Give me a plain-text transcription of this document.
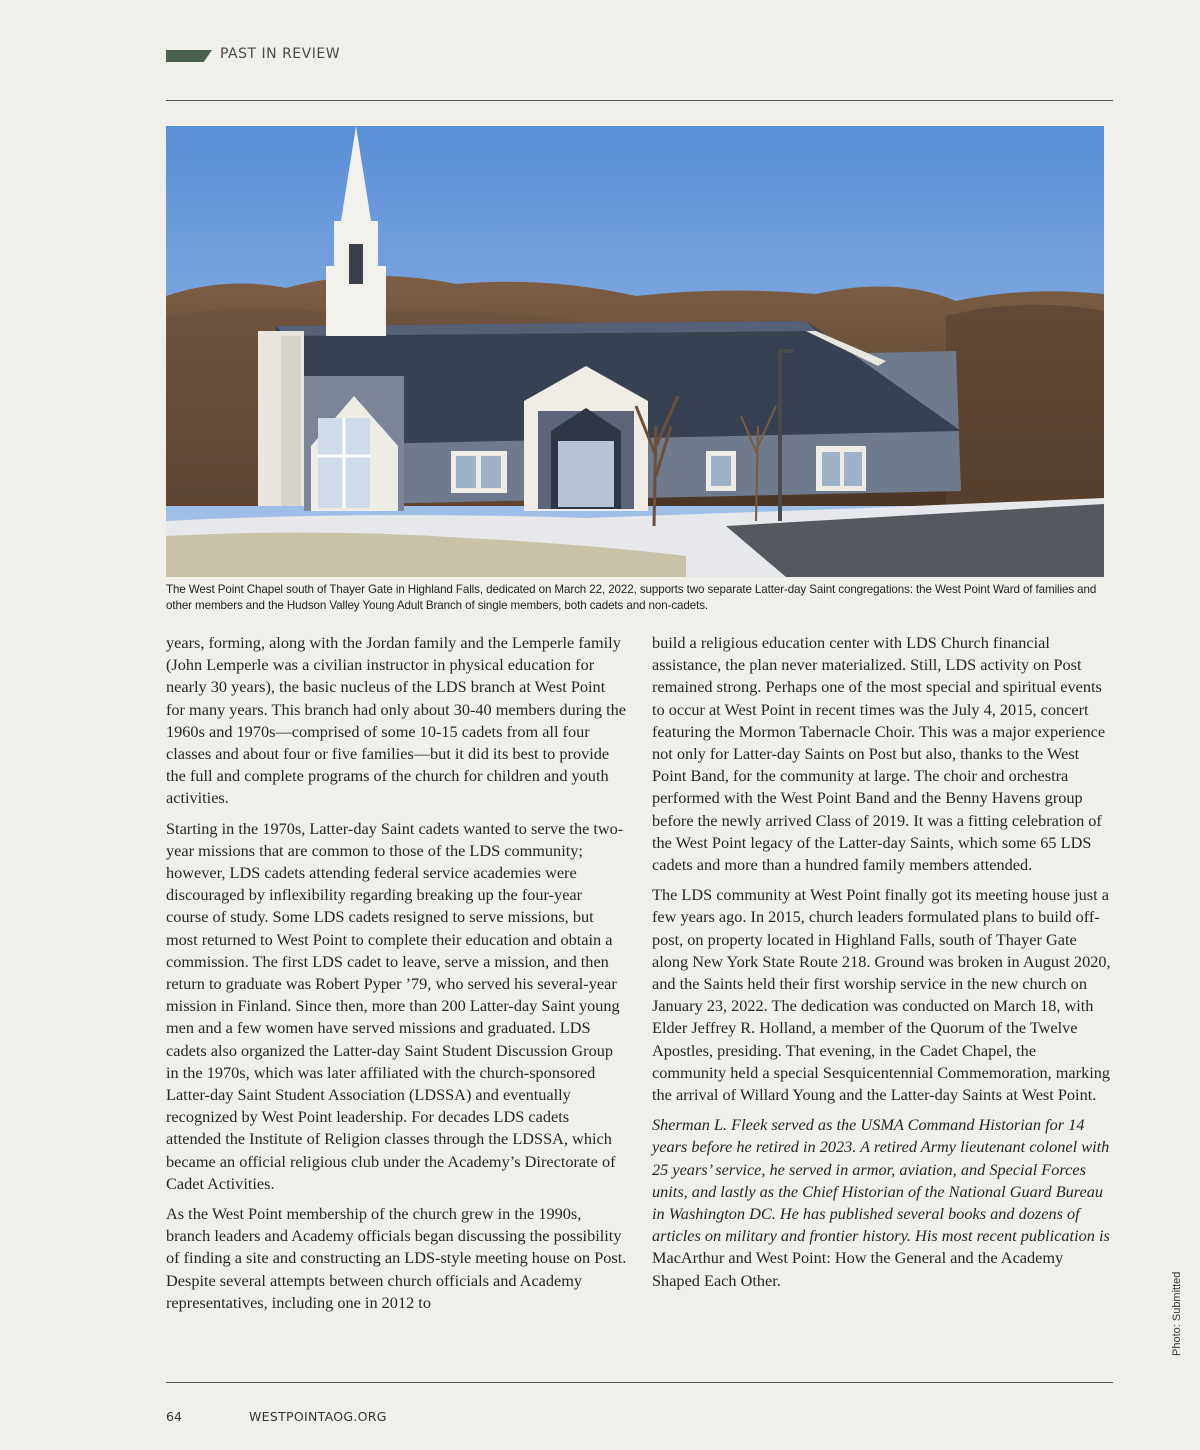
PAST IN REVIEW
The West Point Chapel south of Thayer Gate in Highland Falls, dedicated on March 22, 2022, supports two separate Latter-day Saint congregations: the West Point Ward of families and other members and the Hudson Valley Young Adult Branch of single members, both cadets and non-cadets.

years, forming, along with the Jordan family and the Lemperle family (John Lemperle was a civilian instructor in physical education for nearly 30 years), the basic nucleus of the LDS branch at West Point for many years. This branch had only about 30-40 members during the 1960s and 1970s—comprised of some 10-15 cadets from all four classes and about four or five families—but it did its best to provide the full and complete programs of the church for children and youth activities.

Starting in the 1970s, Latter-day Saint cadets wanted to serve the two-year missions that are common to those of the LDS community; however, LDS cadets attending federal service academies were discouraged by inflexibility regarding breaking up the four-year course of study. Some LDS cadets resigned to serve missions, but most returned to West Point to complete their education and obtain a commission. The first LDS cadet to leave, serve a mission, and then return to graduate was Robert Pyper ’79, who served his several-year mission in Finland. Since then, more than 200 Latter-day Saint young men and a few women have served missions and graduated. LDS cadets also organized the Latter-day Saint Student Discussion Group in the 1970s, which was later affiliated with the church-sponsored Latter-day Saint Student Association (LDSSA) and eventually recognized by West Point leadership. For decades LDS cadets attended the Institute of Religion classes through the LDSSA, which became an official religious club under the Academy’s Directorate of Cadet Activities.

As the West Point membership of the church grew in the 1990s, branch leaders and Academy officials began discussing the possibility of finding a site and constructing an LDS-style meeting house on Post. Despite several attempts between church officials and Academy representatives, including one in 2012 to

build a religious education center with LDS Church financial assistance, the plan never materialized. Still, LDS activity on Post remained strong. Perhaps one of the most special and spiritual events to occur at West Point in recent times was the July 4, 2015, concert featuring the Mormon Tabernacle Choir. This was a major experience not only for Latter-day Saints on Post but also, thanks to the West Point Band, for the community at large. The choir and orchestra performed with the West Point Band and the Benny Havens group before the newly arrived Class of 2019. It was a fitting celebration of the West Point legacy of the Latter-day Saints, which some 65 LDS cadets and more than a hundred family members attended.

The LDS community at West Point finally got its meeting house just a few years ago. In 2015, church leaders formulated plans to build off-post, on property located in Highland Falls, south of Thayer Gate along New York State Route 218. Ground was broken in August 2020, and the Saints held their first worship service in the new church on January 23, 2022. The dedication was conducted on March 18, with Elder Jeffrey R. Holland, a member of the Quorum of the Twelve Apostles, presiding. That evening, in the Cadet Chapel, the community held a special Sesquicentennial Commemoration, marking the arrival of Willard Young and the Latter-day Saints at West Point.

Sherman L. Fleek served as the USMA Command Historian for 14 years before he retired in 2023. A retired Army lieutenant colonel with 25 years’ service, he served in armor, aviation, and Special Forces units, and lastly as the Chief Historian of the National Guard Bureau in Washington DC. He has published several books and dozens of articles on military and frontier history. His most recent publication is MacArthur and West Point: How the General and the Academy Shaped Each Other.	Photo: Submitted
64	WESTPOINTAOG.ORG
